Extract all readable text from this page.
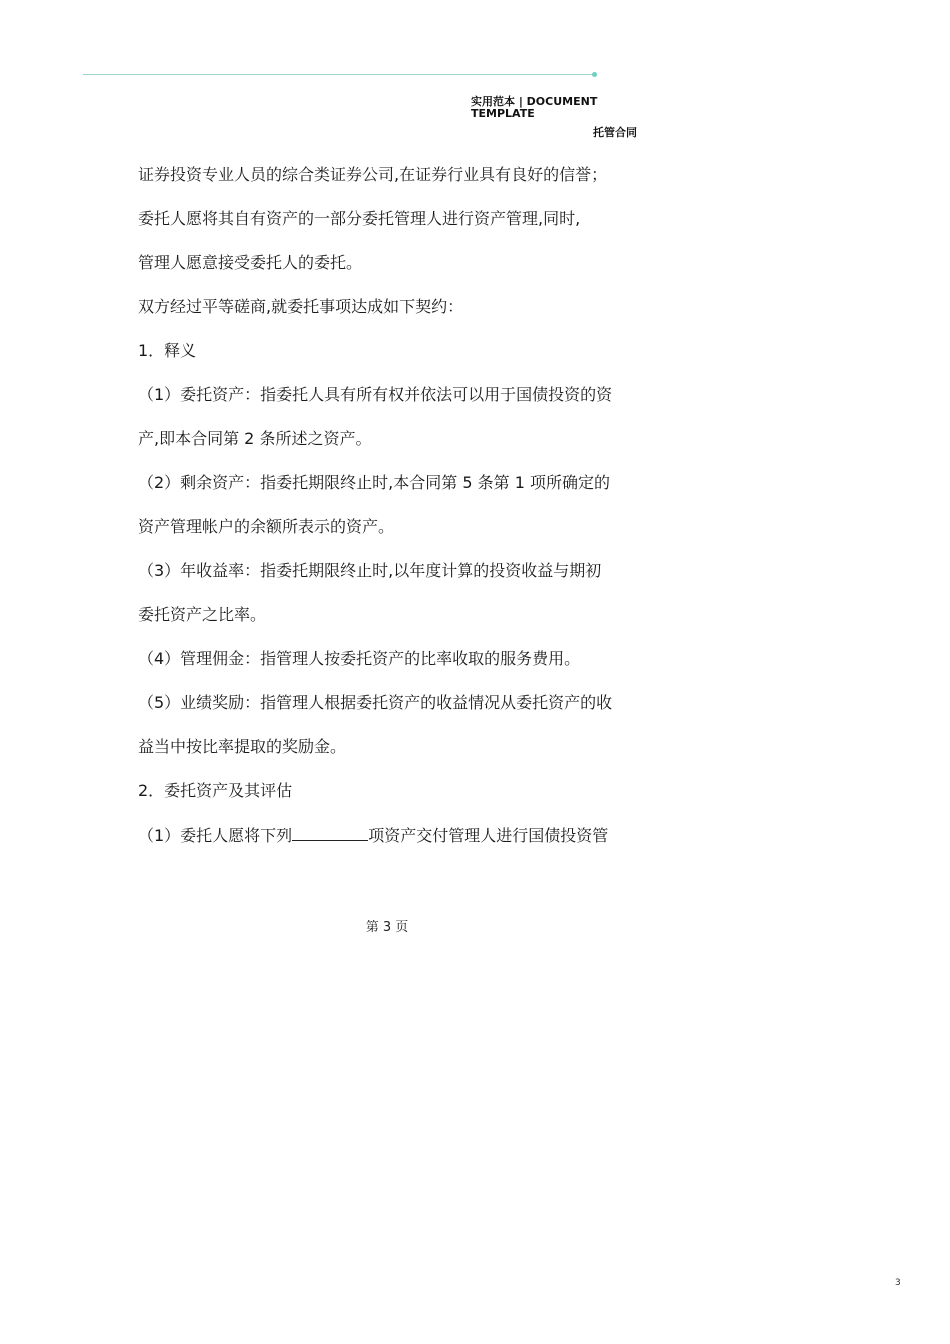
实用范本 | DOCUMENT TEMPLATE
托管合同

证券投资专业人员的综合类证券公司,在证券行业具有良好的信誉；

委托人愿将其自有资产的一部分委托管理人进行资产管理,同时,

管理人愿意接受委托人的委托。

双方经过平等磋商,就委托事项达成如下契约：

1．释义

（1）委托资产：指委托人具有所有权并依法可以用于国债投资的资

产,即本合同第 2 条所述之资产。

（2）剩余资产：指委托期限终止时,本合同第 5 条第 1 项所确定的

资产管理帐户的余额所表示的资产。

（3）年收益率：指委托期限终止时,以年度计算的投资收益与期初

委托资产之比率。

（4）管理佣金：指管理人按委托资产的比率收取的服务费用。

（5）业绩奖励：指管理人根据委托资产的收益情况从委托资产的收

益当中按比率提取的奖励金。

2．委托资产及其评估

（1）委托人愿将下列	项资产交付管理人进行国债投资管

第 3 页
3
